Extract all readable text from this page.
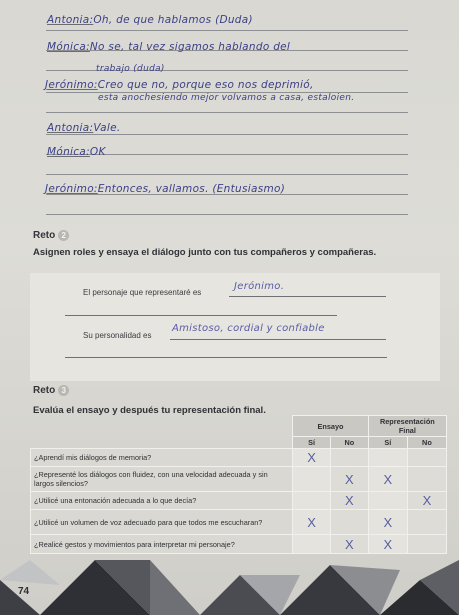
Antonia:Oh, de que hablamos (Duda)
Mónica:No se, tal vez sigamos hablando del
trabajo (duda)
Jerónimo:Creo que no, porque eso nos deprimió,
esta anochesiendo mejor volvamos a casa, estaloien.
Antonia:Vale.
Mónica:OK
Jerónimo:Entonces, vallamos. (Entusiasmo)
Reto 2
Asignen roles y ensaya el diálogo junto con tus compañeros y compañeras.
El personaje que representaré es
Jerónimo.
Su personalidad es
Amistoso, cordial y confiable
Reto 3
Evalúa el ensayo y después tu representación final.
	Ensayo		Representación Final	
	Sí	No	Sí	No
¿Aprendí mis diálogos de memoria?	X			
¿Representé los diálogos con fluidez, con una velocidad adecuada y sin largos silencios?		X	X	
¿Utilicé una entonación adecuada a lo que decía?		X		X
¿Utilicé un volumen de voz adecuado para que todos me escucharan?	X		X	
¿Realicé gestos y movimientos para interpretar mi personaje?		X	X	
74
